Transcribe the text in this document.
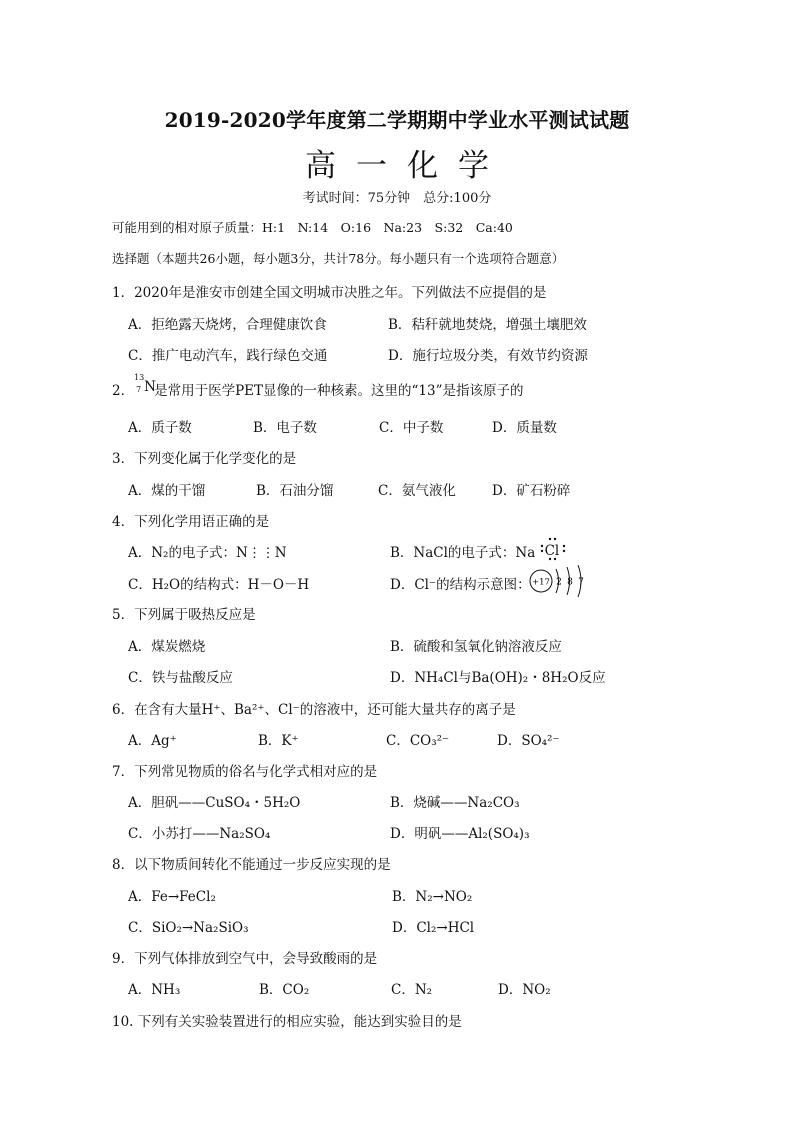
2019-2020学年度第二学期期中学业水平测试试题
高一化学
考试时间：75分钟　总分:100分
可能用到的相对原子质量：H:1　N:14　O:16　Na:23　S:32　Ca:40
选择题（本题共26小题，每小题3分，共计78分。每小题只有一个选项符合题意）
1．2020年是淮安市创建全国文明城市决胜之年。下列做法不应提倡的是
A．拒绝露天烧烤，合理健康饮食	B．秸秆就地焚烧，增强土壤肥效
C．推广电动汽车，践行绿色交通	D．施行垃圾分类，有效节约资源
2．
13
7 N
是常用于医学PET显像的一种核素。这里的“13”是指该原子的
A．质子数	B．电子数	C．中子数	D．质量数
3．下列变化属于化学变化的是
A．煤的干馏	B．石油分馏	C．氨气液化	D．矿石粉碎
4．下列化学用语正确的是
A．N₂的电子式：N⋮⋮N	B．NaCl的电子式：Na Cl
C．H₂O的结构式：H－O－H	D．Cl⁻的结构示意图： +17 2 8 7
5．下列属于吸热反应是
A．煤炭燃烧	B．硫酸和氢氧化钠溶液反应
C．铁与盐酸反应	D．NH₄Cl与Ba(OH)₂・8H₂O反应
6．在含有大量H⁺、Ba²⁺、Cl⁻的溶液中，还可能大量共存的离子是
A．Ag⁺	B．K⁺	C．CO₃²⁻	D．SO₄²⁻
7．下列常见物质的俗名与化学式相对应的是
A．胆矾——CuSO₄・5H₂O	B．烧碱——Na₂CO₃
C．小苏打——Na₂SO₄	D．明矾——Al₂(SO₄)₃
8．以下物质间转化不能通过一步反应实现的是
A．Fe→FeCl₂	B．N₂→NO₂
C．SiO₂→Na₂SiO₃	D．Cl₂→HCl
9．下列气体排放到空气中，会导致酸雨的是
A．NH₃	B．CO₂	C．N₂	D．NO₂
10. 下列有关实验装置进行的相应实验，能达到实验目的是
